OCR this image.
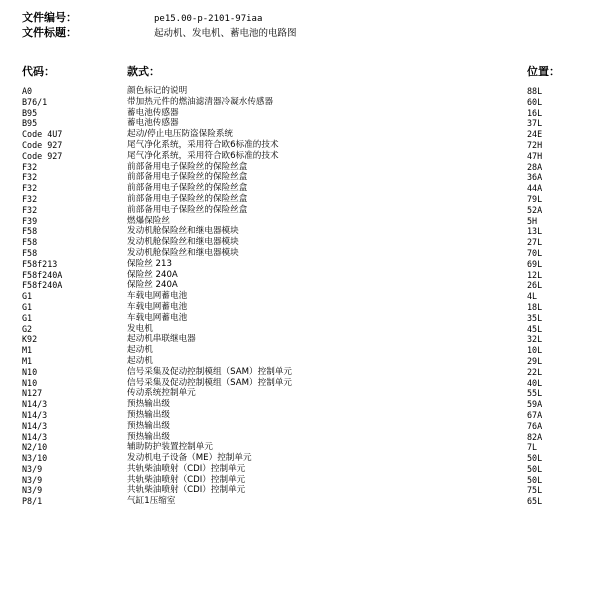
文件编号：	pe15.00-p-2101-97iaa
文件标题：	起动机、发电机、蓄电池的电路图
代码：	款式：	位置：
A0	颜色标记的说明	88L
B76/1	带加热元件的燃油滤清器冷凝水传感器	60L
B95	蓄电池传感器	16L
B95	蓄电池传感器	37L
Code 4U7	起动/停止电压防盗保险系统	24E
Code 927	尾气净化系统，采用符合欧6标准的技术	72H
Code 927	尾气净化系统，采用符合欧6标准的技术	47H
F32	前部备用电子保险丝的保险丝盒	28A
F32	前部备用电子保险丝的保险丝盒	36A
F32	前部备用电子保险丝的保险丝盒	44A
F32	前部备用电子保险丝的保险丝盒	79L
F32	前部备用电子保险丝的保险丝盒	52A
F39	燃爆保险丝	5H
F58	发动机舱保险丝和继电器模块	13L
F58	发动机舱保险丝和继电器模块	27L
F58	发动机舱保险丝和继电器模块	70L
F58f213	保险丝 213	69L
F58f240A	保险丝 240A	12L
F58f240A	保险丝 240A	26L
G1	车载电网蓄电池	4L
G1	车载电网蓄电池	18L
G1	车载电网蓄电池	35L
G2	发电机	45L
K92	起动机串联继电器	32L
M1	起动机	10L
M1	起动机	29L
N10	信号采集及促动控制模组（SAM）控制单元	22L
N10	信号采集及促动控制模组（SAM）控制单元	40L
N127	传动系统控制单元	55L
N14/3	预热输出级	59A
N14/3	预热输出级	67A
N14/3	预热输出级	76A
N14/3	预热输出级	82A
N2/10	辅助防护装置控制单元	7L
N3/10	发动机电子设备（ME）控制单元	50L
N3/9	共轨柴油喷射（CDI）控制单元	50L
N3/9	共轨柴油喷射（CDI）控制单元	50L
N3/9	共轨柴油喷射（CDI）控制单元	75L
P8/1	气缸1压缩室	65L
